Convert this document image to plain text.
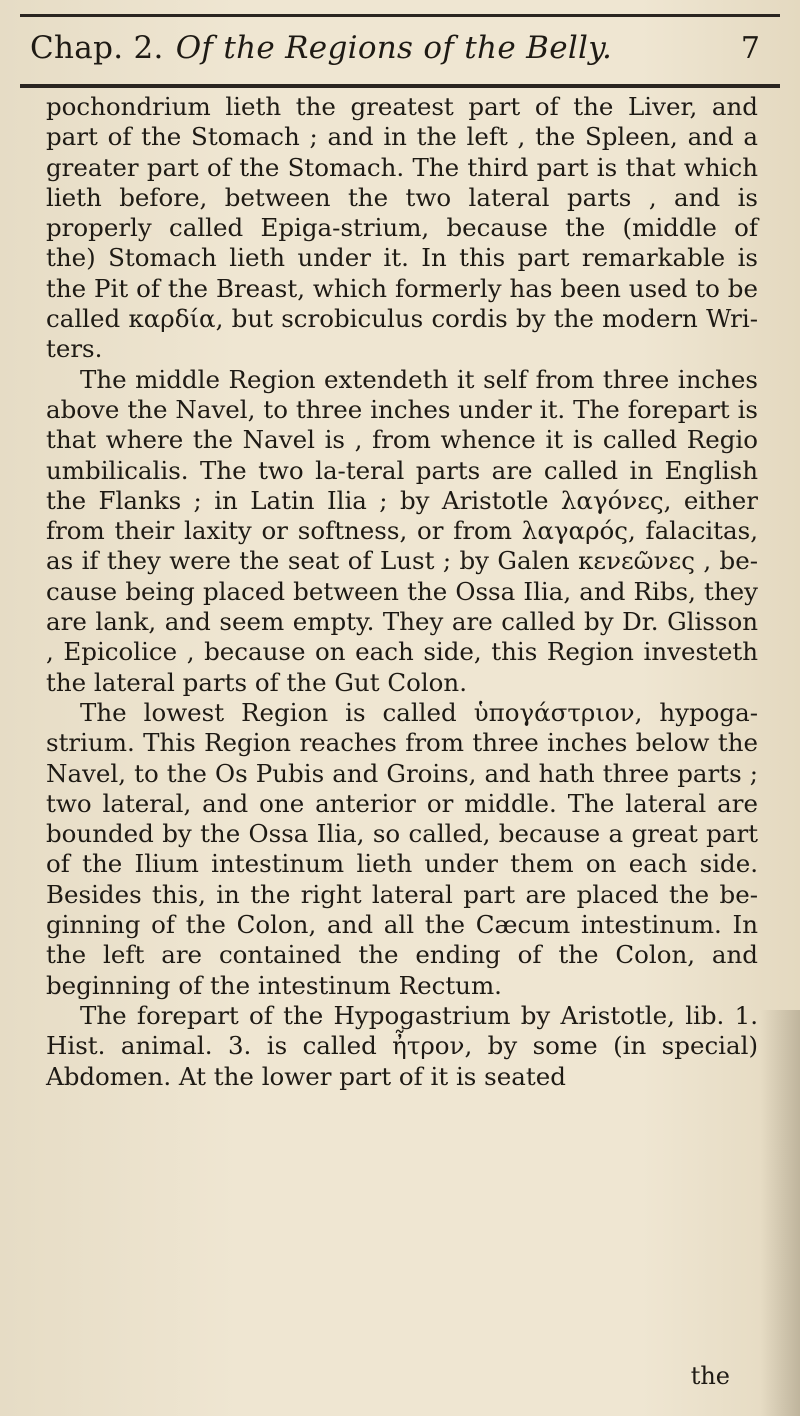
Chap. 2. Of the Regions of the Belly.	7

pochondrium lieth the greatest part of the Liver, and part of the Stomach ; and in the left , the Spleen, and a greater part of the Stomach. The third part is that which lieth before, between the two lateral parts , and is properly called Epiga-strium, because the (middle of the) Stomach lieth under it. In this part remarkable is the Pit of the Breast, which formerly has been used to be called καρδία, but scrobiculus cordis by the modern Wri-ters.

The middle Region extendeth it self from three inches above the Navel, to three inches under it. The forepart is that where the Navel is , from whence it is called Regio umbilicalis. The two la-teral parts are called in English the Flanks ; in Latin Ilia ; by Aristotle λαγόνες, either from their laxity or softness, or from λαγαρός, falacitas, as if they were the seat of Lust ; by Galen κενεῶνες , be-cause being placed between the Ossa Ilia, and Ribs, they are lank, and seem empty. They are called by Dr. Glisson , Epicolice , because on each side, this Region investeth the lateral parts of the Gut Colon.

The lowest Region is called ὑπογάστριον, hypoga-strium. This Region reaches from three inches below the Navel, to the Os Pubis and Groins, and hath three parts ; two lateral, and one anterior or middle. The lateral are bounded by the Ossa Ilia, so called, because a great part of the Ilium intestinum lieth under them on each side. Besides this, in the right lateral part are placed the be-ginning of the Colon, and all the Cæcum intestinum. In the left are contained the ending of the Colon, and beginning of the intestinum Rectum.

The forepart of the Hypogastrium by Aristotle, lib. 1. Hist. animal. 3. is called ἦτρον, by some (in special) Abdomen. At the lower part of it is seated

the
